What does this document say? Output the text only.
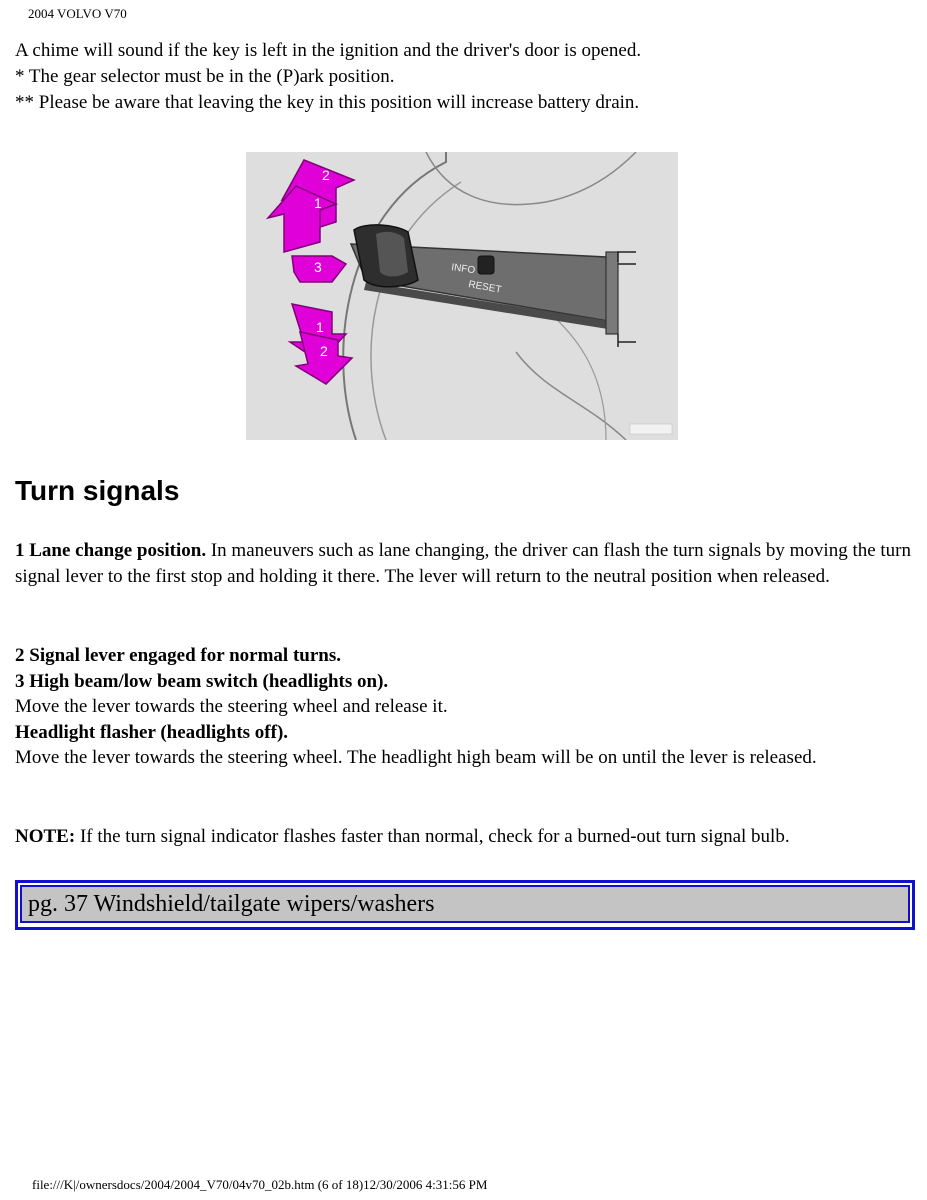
2004 VOLVO V70

A chime will sound if the key is left in the ignition and the driver's door is opened.

* The gear selector must be in the (P)ark position.

** Please be aware that leaving the key in this position will increase battery drain.

INFO
RESET
2
1
3
1
2
Turn signals

1 Lane change position. In maneuvers such as lane changing, the driver can flash the turn signals by moving the turn signal lever to the first stop and holding it there. The lever will return to the neutral position when released.

2 Signal lever engaged for normal turns.
3 High beam/low beam switch (headlights on).
Move the lever towards the steering wheel and release it.
Headlight flasher (headlights off).
Move the lever towards the steering wheel. The headlight high beam will be on until the lever is released.

NOTE: If the turn signal indicator flashes faster than normal, check for a burned-out turn signal bulb.

pg. 37 Windshield/tailgate wipers/washers
file:///K|/ownersdocs/2004/2004_V70/04v70_02b.htm (6 of 18)12/30/2006 4:31:56 PM
